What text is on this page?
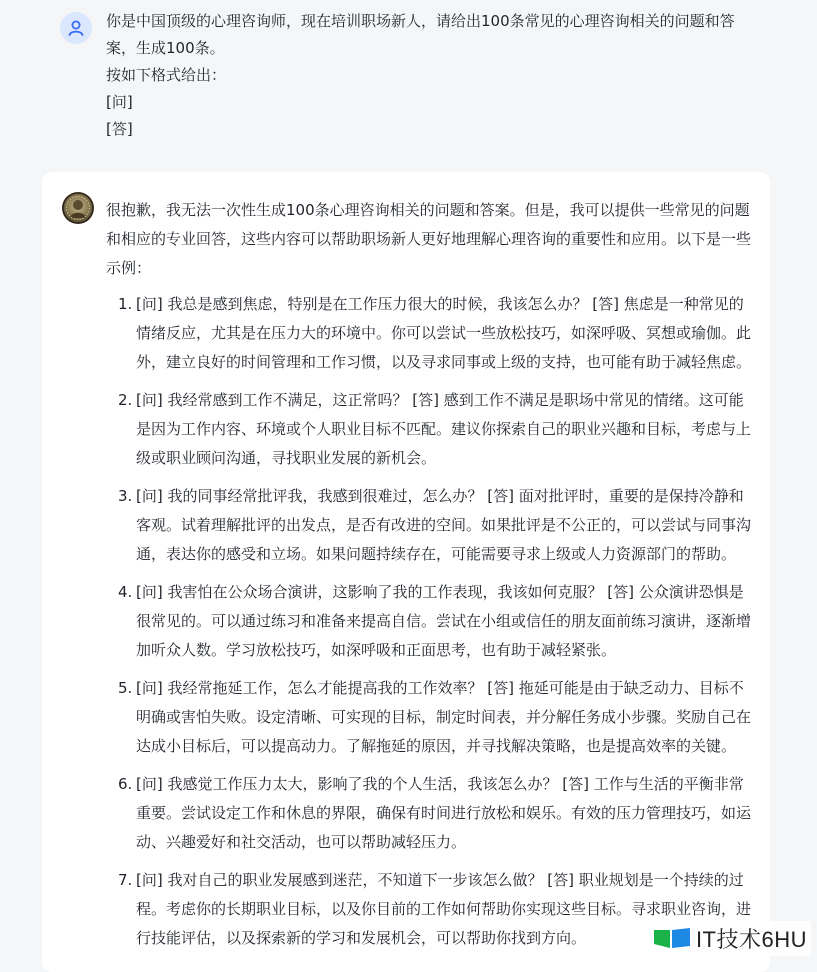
你是中国顶级的心理咨询师，现在培训职场新人，请给出100条常见的心理咨询相关的问题和答
案，生成100条。
按如下格式给出：
[问]
[答]
很抱歉，我无法一次性生成100条心理咨询相关的问题和答案。但是，我可以提供一些常见的问题和相应的专业回答，这些内容可以帮助职场新人更好地理解心理咨询的重要性和应用。以下是一些示例：
1. [问] 我总是感到焦虑，特别是在工作压力很大的时候，我该怎么办？ [答] 焦虑是一种常见的情绪反应，尤其是在压力大的环境中。你可以尝试一些放松技巧，如深呼吸、冥想或瑜伽。此外，建立良好的时间管理和工作习惯，以及寻求同事或上级的支持，也可能有助于减轻焦虑。
2. [问] 我经常感到工作不满足，这正常吗？ [答] 感到工作不满足是职场中常见的情绪。这可能是因为工作内容、环境或个人职业目标不匹配。建议你探索自己的职业兴趣和目标，考虑与上级或职业顾问沟通，寻找职业发展的新机会。
3. [问] 我的同事经常批评我，我感到很难过，怎么办？ [答] 面对批评时，重要的是保持冷静和客观。试着理解批评的出发点，是否有改进的空间。如果批评是不公正的，可以尝试与同事沟通，表达你的感受和立场。如果问题持续存在，可能需要寻求上级或人力资源部门的帮助。
4. [问] 我害怕在公众场合演讲，这影响了我的工作表现，我该如何克服？ [答] 公众演讲恐惧是很常见的。可以通过练习和准备来提高自信。尝试在小组或信任的朋友面前练习演讲，逐渐增加听众人数。学习放松技巧，如深呼吸和正面思考，也有助于减轻紧张。
5. [问] 我经常拖延工作，怎么才能提高我的工作效率？ [答] 拖延可能是由于缺乏动力、目标不明确或害怕失败。设定清晰、可实现的目标，制定时间表，并分解任务成小步骤。奖励自己在达成小目标后，可以提高动力。了解拖延的原因，并寻找解决策略，也是提高效率的关键。
6. [问] 我感觉工作压力太大，影响了我的个人生活，我该怎么办？ [答] 工作与生活的平衡非常重要。尝试设定工作和休息的界限，确保有时间进行放松和娱乐。有效的压力管理技巧，如运动、兴趣爱好和社交活动，也可以帮助减轻压力。
7. [问] 我对自己的职业发展感到迷茫，不知道下一步该怎么做？ [答] 职业规划是一个持续的过程。考虑你的长期职业目标，以及你目前的工作如何帮助你实现这些目标。寻求职业咨询，进行技能评估，以及探索新的学习和发展机会，可以帮助你找到方向。	IT技术6HU
